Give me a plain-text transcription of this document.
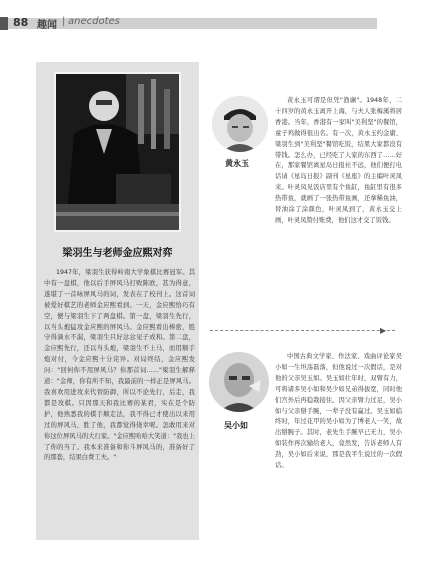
88 趣闻 | anecdotes
梁羽生与老师金应熙对弈
1947年，梁羽生获得岭南大学象棋比赛冠军。其中有一盘棋，他以后手屏风马打败陈欧，甚为得意，遂堪了一首咏屏风马的词，发表在了校刊上。这首词被爱好棋艺的老师金应熙看到。一天，金应熙恰巧有空，便与梁羽生下了两盘棋。第一盘，梁羽生先行，以当头炮猛攻金应熙的屏风马。金应熙看出棒密，胜守得滴水不漏，梁羽生只好忿忿见子成和。第二盘，金应熙先行，还以当头炮，梁羽生不上马，而用顺手炮对付，今金应熙十分诧异。对局终结，金应熙发问："回何你不用屏风马？你那首词……"梁羽生解释道："金师，你有所不知，我最前的一样正是屏风马。我喜欢用进攻来代替防御，所以不论先行，后走，我都是攻棋。只因那天和我比赛的某君，实在是个防护，他熟悉我的棋手顺走法，我不得已才使出以来用过的屏风马，胜了他，我都觉得侥幸呢。怎敢用来对你这位屏风马的大行家。"金应熙哈哈大笑道："我也上了你的当了。我本来准备和你斗屏风马的，准备好了的那套，结果白费工夫。"
黄永玉
黄永玉可谓是但凭"渔谰"。1948年，二十四岁的黄永玉离开上海，与夫人张梅溪将居香港。当年，香港有一家叫"美利坚"的餐馆，童子鸡做得很出名。有一次，黄永玉约金庸、梁羽生到"美利坚"餐馆吃饭，结果大家都没有带钱。怎么办，已经吃了人家的东西了……好在，那家餐馆离星岛日报社不远，他们便打电话请《星岛日报》副刊《星座》的主编叶灵凤来。叶灵凤见饭店里有个鱼缸，鱼缸里有很多热带鱼，就画了一张热带鱼画，还拿稀鱼油，替油涂了涂颜色，叶灵凤到了，黄永玉交上画，叶灵凤赞付账费，他们这才交了饭钱。
▶
吴小如
中国古典文学家、作法家、戏曲评论家吴小如一生坦荡磊落，但他说过一次假话，是对他的父亲吴玉如。吴玉如壮年时，双臂有力，可将诸多吴小如和吴少如兄弟得拔宽，同时他们宫外后再稳栽接住。因父亲臂力过足，吴小如与父亲掰手腕，一辈子没有赢过。吴玉如临终时，年过花甲的吴小如为了博老人一笑，故出掰腕子。其时，老先生手腕早已无力，吴小如装作再次输给老人，竟然发，告诉老师人有劲，吴小如后来说，那是我平生说过的一次假话。
